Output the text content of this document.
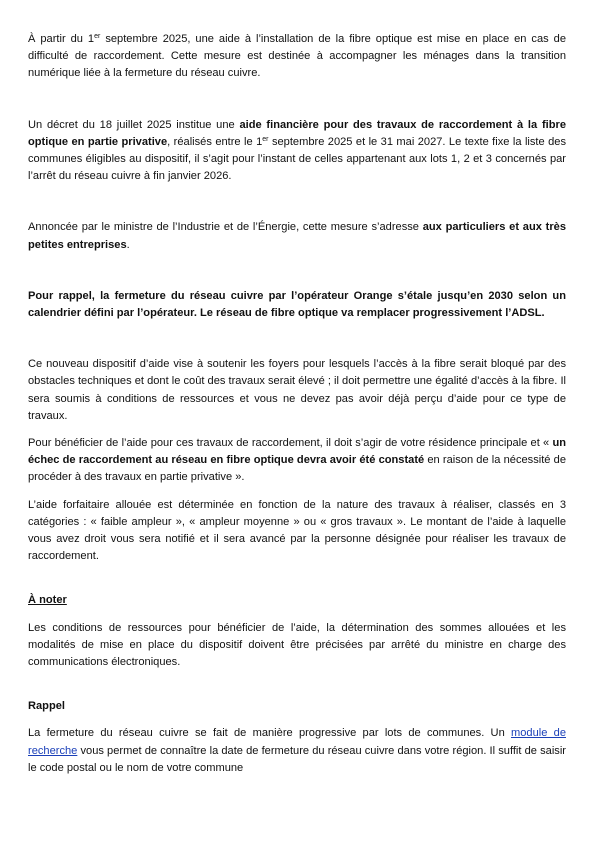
À partir du 1er septembre 2025, une aide à l’installation de la fibre optique est mise en place en cas de difficulté de raccordement. Cette mesure est destinée à accompagner les ménages dans la transition numérique liée à la fermeture du réseau cuivre.

Un décret du 18 juillet 2025 institue une aide financière pour des travaux de raccordement à la fibre optique en partie privative, réalisés entre le 1er septembre 2025 et le 31 mai 2027. Le texte fixe la liste des communes éligibles au dispositif, il s’agit pour l’instant de celles appartenant aux lots 1, 2 et 3 concernés par l’arrêt du réseau cuivre à fin janvier 2026.

Annoncée par le ministre de l’Industrie et de l’Énergie, cette mesure s’adresse aux particuliers et aux très petites entreprises.

Pour rappel, la fermeture du réseau cuivre par l’opérateur Orange s’étale jusqu’en 2030 selon un calendrier défini par l’opérateur. Le réseau de fibre optique va remplacer progressivement l’ADSL.

Ce nouveau dispositif d’aide vise à soutenir les foyers pour lesquels l’accès à la fibre serait bloqué par des obstacles techniques et dont le coût des travaux serait élevé ; il doit permettre une égalité d’accès à la fibre. Il sera soumis à conditions de ressources et vous ne devez pas avoir déjà perçu d’aide pour ce type de travaux.

Pour bénéficier de l’aide pour ces travaux de raccordement, il doit s’agir de votre résidence principale et « un échec de raccordement au réseau en fibre optique devra avoir été constaté en raison de la nécessité de procéder à des travaux en partie privative ».

L’aide forfaitaire allouée est déterminée en fonction de la nature des travaux à réaliser, classés en 3 catégories : « faible ampleur », « ampleur moyenne » ou « gros travaux ». Le montant de l’aide à laquelle vous avez droit vous sera notifié et il sera avancé par la personne désignée pour réaliser les travaux de raccordement.

À noter

Les conditions de ressources pour bénéficier de l’aide, la détermination des sommes allouées et les modalités de mise en place du dispositif doivent être précisées par arrêté du ministre en charge des communications électroniques.

Rappel

La fermeture du réseau cuivre se fait de manière progressive par lots de communes. Un module de recherche vous permet de connaître la date de fermeture du réseau cuivre dans votre région. Il suffit de saisir le code postal ou le nom de votre commune
